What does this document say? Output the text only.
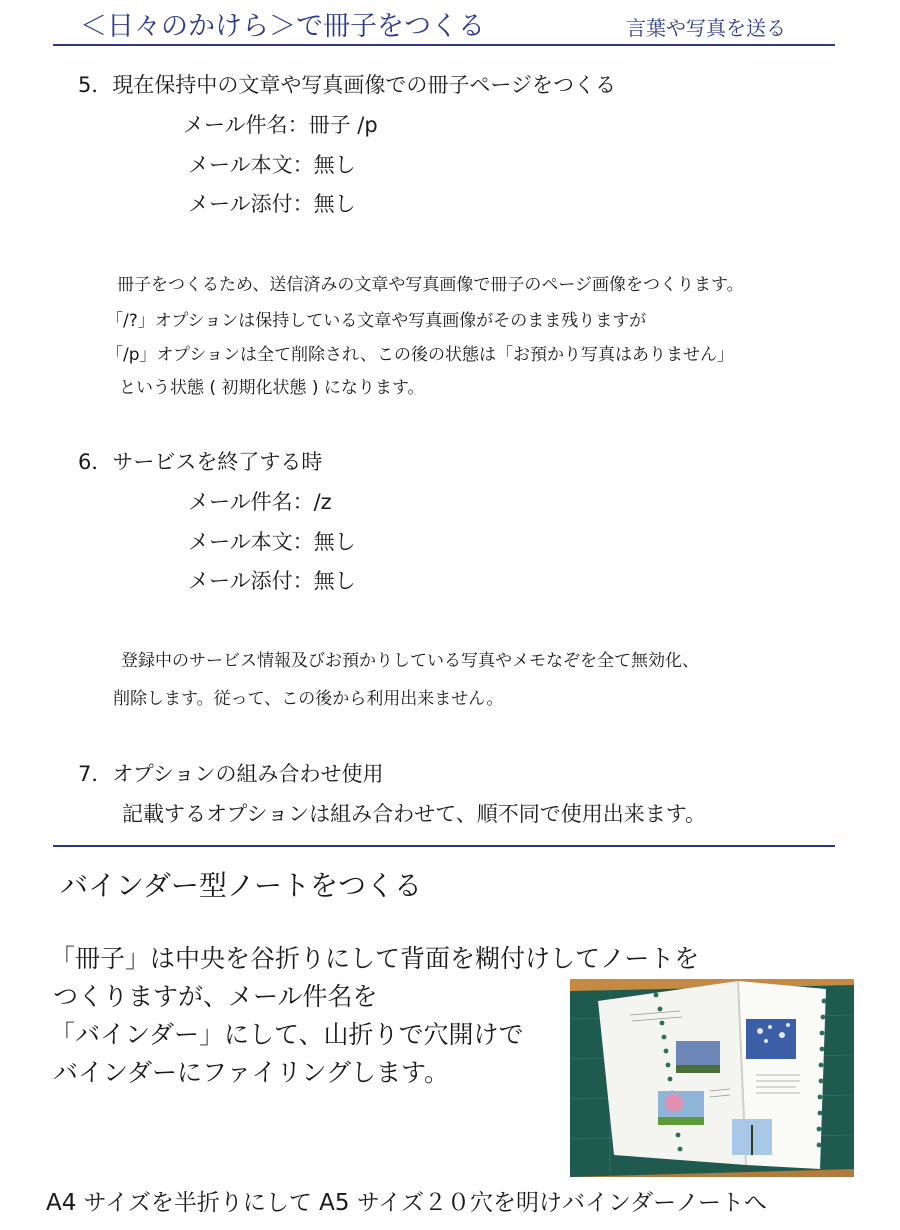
＜日々のかけら＞で冊子をつくる	言葉や写真を送る
5．現在保持中の文章や写真画像での冊子ページをつくる
メール件名：冊子 /p
メール本文：無し
メール添付：無し
冊子をつくるため、送信済みの文章や写真画像で冊子のページ画像をつくります。
「/?」オプションは保持している文章や写真画像がそのまま残りますが
「/p」オプションは全て削除され、この後の状態は「お預かり写真はありません」
という状態 ( 初期化状態 ) になります。
6．サービスを終了する時
メール件名：/z
メール本文：無し
メール添付：無し
登録中のサービス情報及びお預かりしている写真やメモなぞを全て無効化、
削除します。従って、この後から利用出来ません。
7．オプションの組み合わせ使用
記載するオプションは組み合わせて、順不同で使用出来ます。
バインダー型ノートをつくる
「冊子」は中央を谷折りにして背面を糊付けしてノートを
つくりますが、メール件名を
「バインダー」にして、山折りで穴開けで
バインダーにファイリングします。
A4 サイズを半折りにして A5 サイズ２０穴を明けバインダーノートへ
